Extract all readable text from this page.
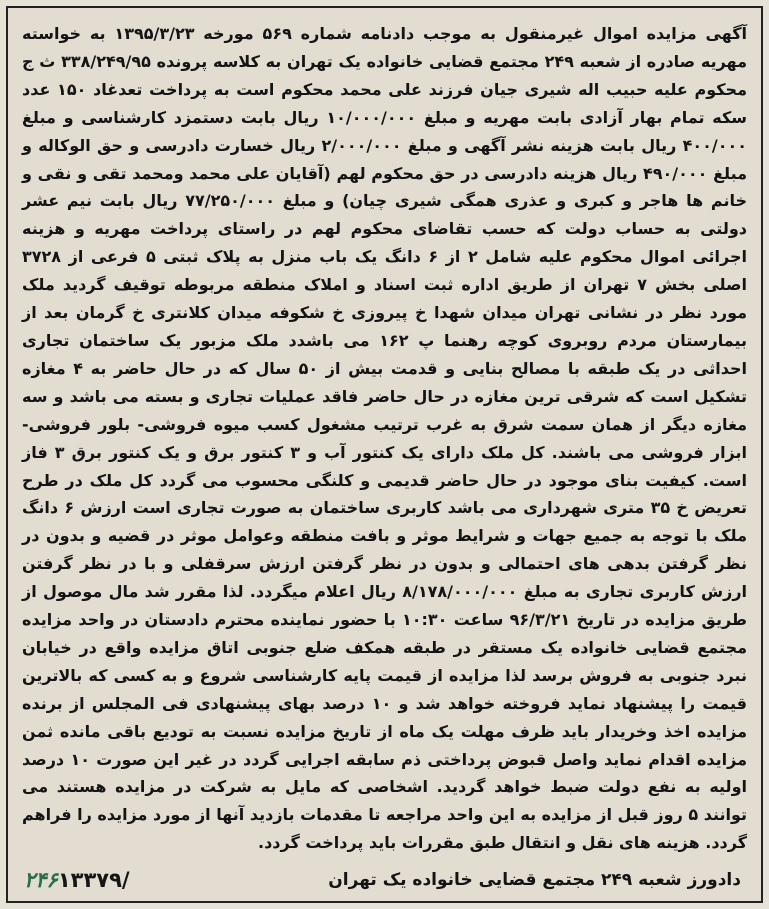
آگهی مزایده اموال غیرمنقول به موجب دادنامه شماره ۵۶۹ مورخه ۱۳۹۵/۳/۲۳ به خواسته مهریه صادره از شعبه ۲۴۹ مجتمع قضایی خانواده یک تهران به کلاسه پرونده ۳۳۸/۲۴۹/۹۵ ث ج محکوم علیه حبیب اله شیری جیان فرزند علی محمد محکوم است به پرداخت تعدغاد ۱۵۰ عدد سکه تمام بهار آزادی بابت مهریه و مبلغ ۱۰/۰۰۰/۰۰۰ ریال بابت دستمزد کارشناسی و مبلغ ۴۰۰/۰۰۰ ریال بابت هزینه نشر آگهی و مبلغ ۲/۰۰۰/۰۰۰ ریال خسارت دادرسی و حق الوکاله و مبلغ ۴۹۰/۰۰۰ ریال هزینه دادرسی در حق محکوم لهم (آقایان علی محمد ومحمد تقی و نقی و خانم ها هاجر و کبری و عذری همگی شیری چیان) و مبلغ ۷۷/۲۵۰/۰۰۰ ریال بابت نیم عشر دولتی به حساب دولت که حسب تقاضای محکوم لهم در راستای پرداخت مهریه و هزینه اجرائی اموال محکوم علیه شامل ۲ از ۶ دانگ یک باب منزل به پلاک ثبتی ۵ فرعی از ۳۷۲۸ اصلی بخش ۷ تهران از طریق اداره ثبت اسناد و املاک منطقه مربوطه توقیف گردید ملک مورد نظر در نشانی تهران میدان شهدا خ پیروزی خ شکوفه میدان کلانتری خ گرمان بعد از بیمارستان مردم روبروی کوچه رهنما پ ۱۶۲ می باشدد ملک مزبور یک ساختمان تجاری احداثی در یک طبقه با مصالح بنایی و قدمت بیش از ۵۰ سال که در حال حاضر به ۴ مغازه تشکیل است که شرقی ترین مغازه در حال حاضر فاقد عملیات تجاری و بسته می باشد و سه مغازه دیگر از همان سمت شرق به غرب ترتیب مشغول کسب میوه فروشی- بلور فروشی- ابزار فروشی می باشند. کل ملک دارای یک کنتور آب و ۳ کنتور برق و یک کنتور برق ۳ فاز است. کیفیت بنای موجود در حال حاضر قدیمی و کلنگی محسوب می گردد کل ملک در طرح تعریض خ ۳۵ متری شهرداری می باشد کاربری ساختمان به صورت تجاری است ارزش ۶ دانگ ملک با توجه به جمیع جهات و شرایط موثر و بافت منطقه وعوامل موثر در قضیه و بدون در نظر گرفتن بدهی های احتمالی و بدون در نظر گرفتن ارزش سرقفلی و با در نظر گرفتن ارزش کاربری تجاری به مبلغ ۸/۱۷۸/۰۰۰/۰۰۰ ریال اعلام میگردد. لذا مقرر شد مال موصول از طریق مزایده در تاریخ ۹۶/۳/۲۱ ساعت ۱۰:۳۰ با حضور نماینده محترم دادستان در واحد مزایده مجتمع قضایی خانواده یک مستقر در طبقه همکف ضلع جنوبی اتاق مزایده واقع در خیابان نبرد جنوبی به فروش برسد لذا مزایده از قیمت پایه کارشناسی شروع و به کسی که بالاترین قیمت را پیشنهاد نماید فروخته خواهد شد و ۱۰ درصد بهای پیشنهادی فی المجلس از برنده مزایده اخذ وخریدار باید ظرف مهلت یک ماه از تاریخ مزایده نسبت به تودیع باقی مانده ثمن مزایده اقدام نماید واصل قبوض پرداختی ذم سابقه اجرایی گردد در غیر این صورت ۱۰ درصد اولیه به نفع دولت ضبط خواهد گردید. اشخاصی که مایل به شرکت در مزایده هستند می توانند ۵ روز قبل از مزایده به این واحد مراجعه تا مقدمات بازدید آنها از مورد مزایده را فراهم گردد. هزینه های نقل و انتقال طبق مقررات باید پرداخت گردد.

دادورز شعبه ۲۴۹ مجتمع قضایی خانواده یک تهران
۲۴۶۱۳۳۷۹/
